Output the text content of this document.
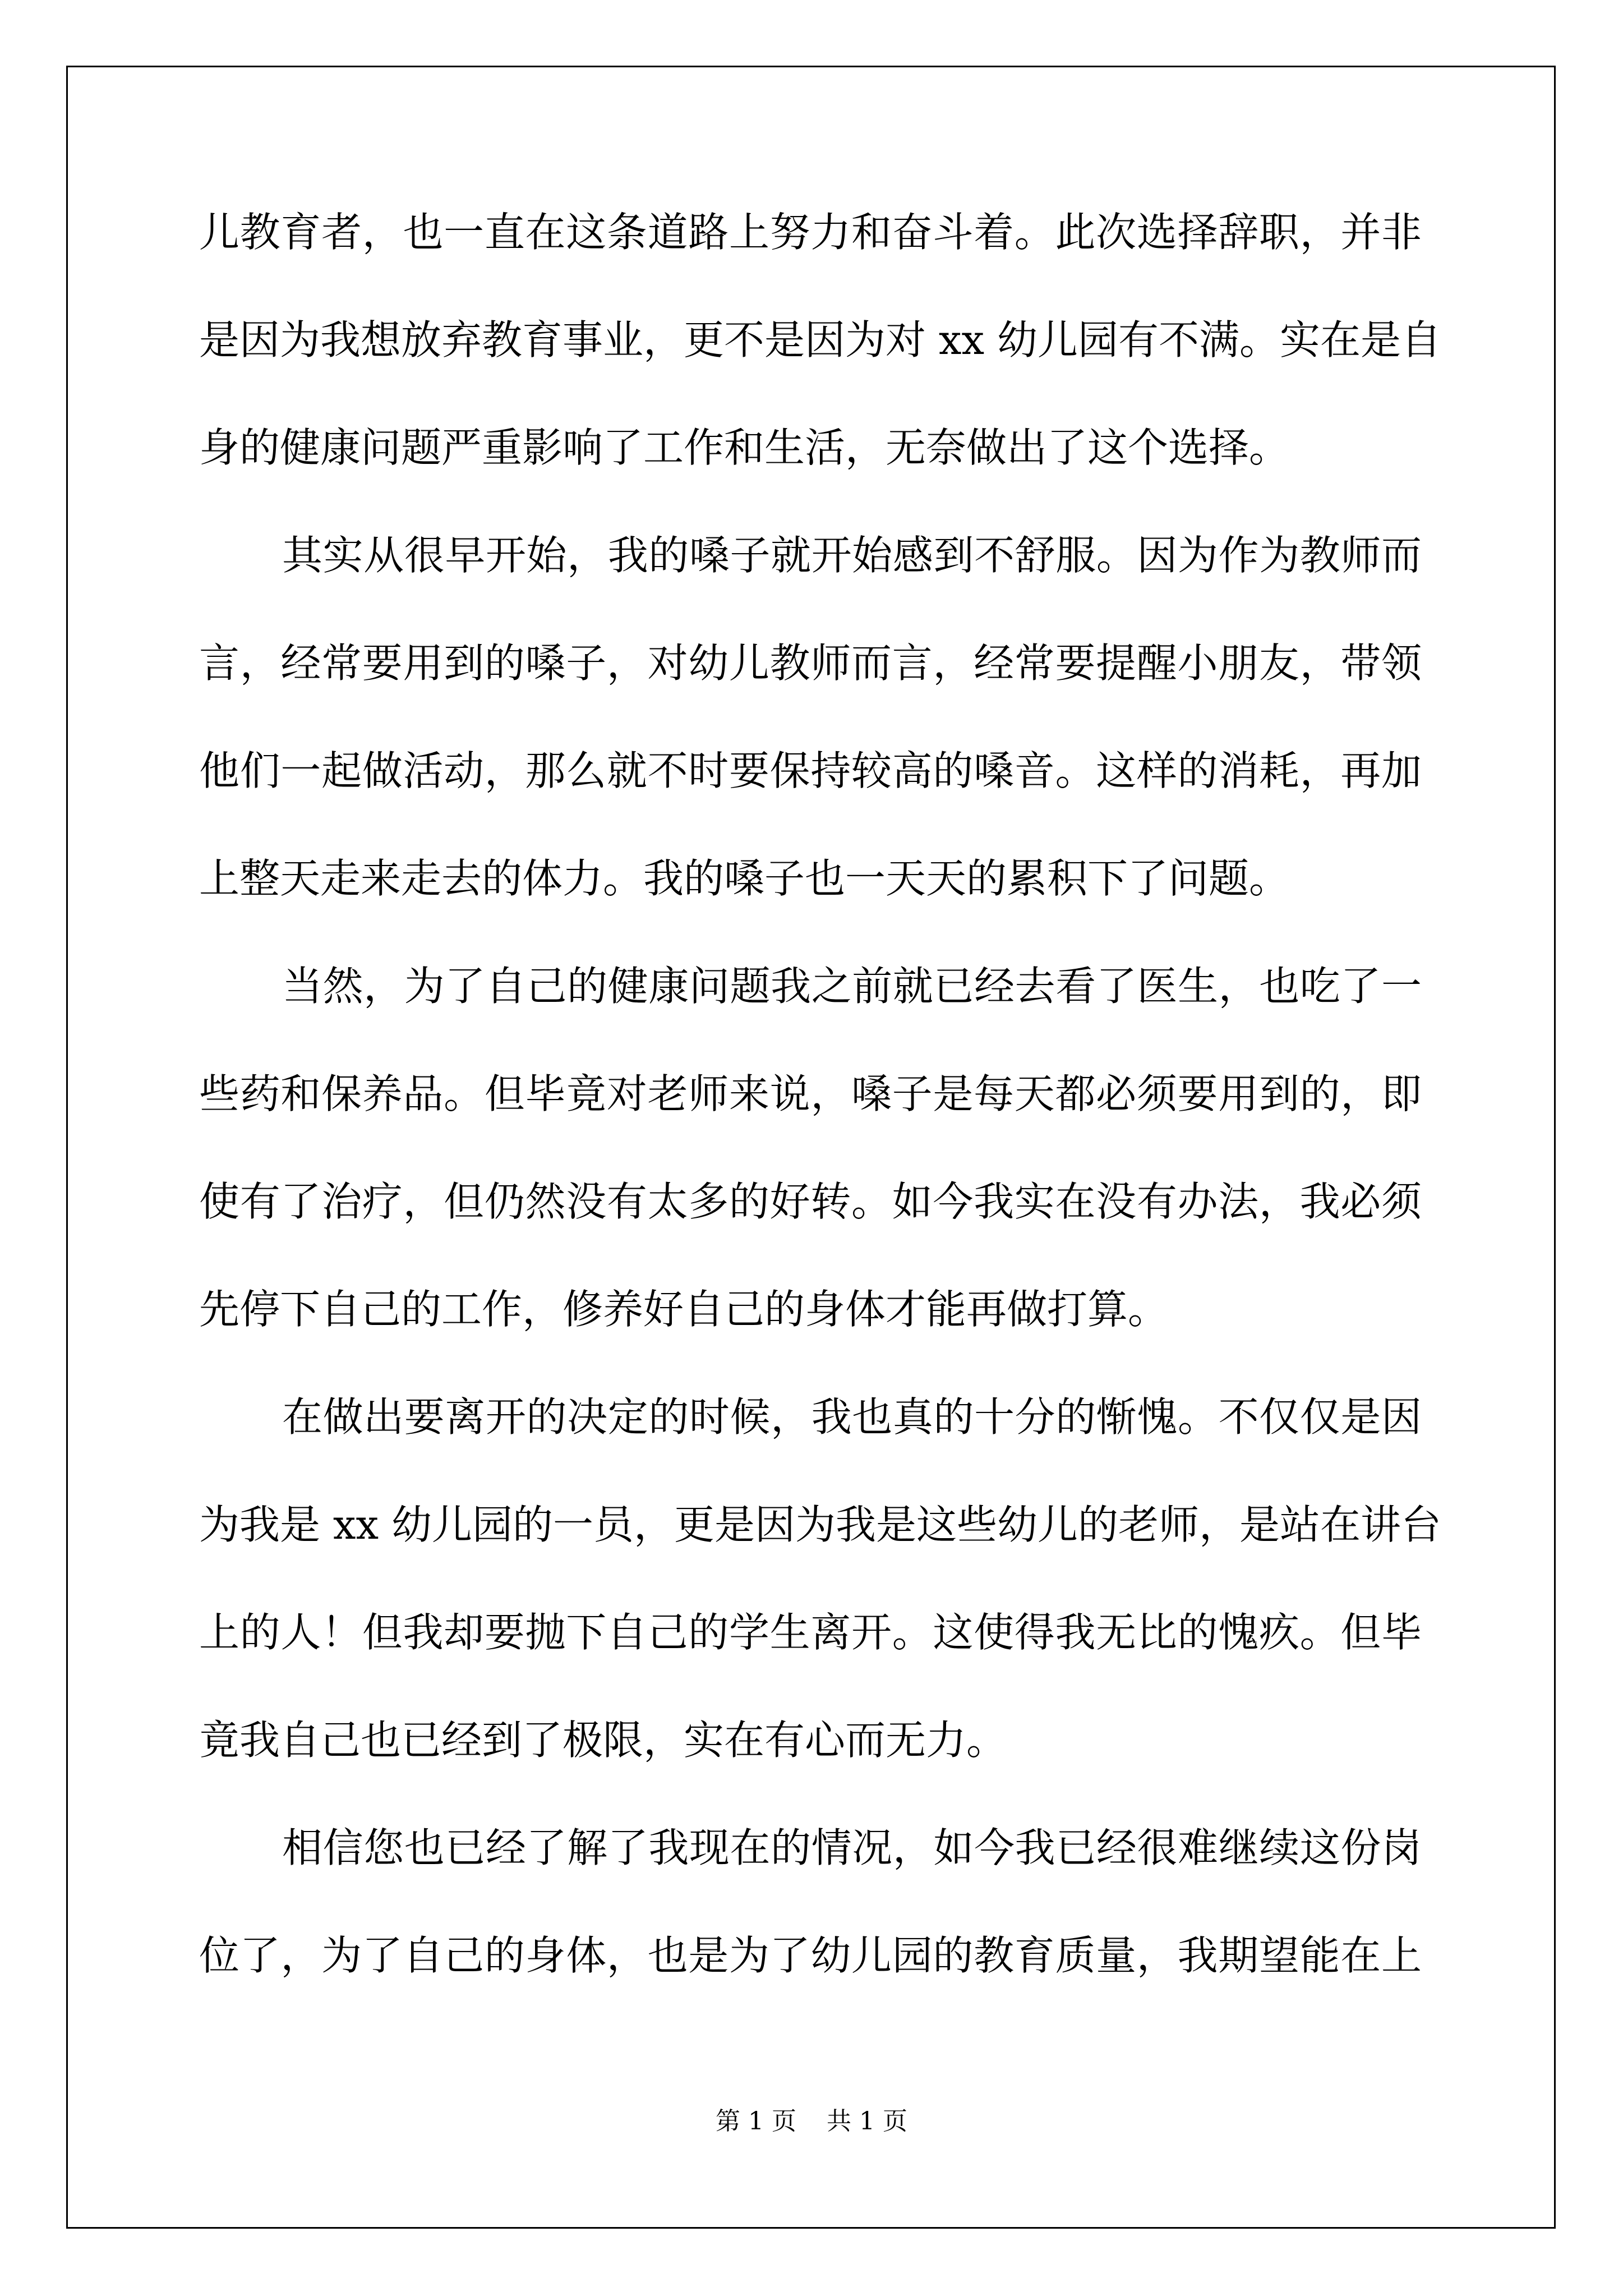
儿教育者，也一直在这条道路上努力和奋斗着。此次选择辞职，并非
是因为我想放弃教育事业，更不是因为对 xx 幼儿园有不满。实在是自
身的健康问题严重影响了工作和生活，无奈做出了这个选择。
其实从很早开始，我的嗓子就开始感到不舒服。因为作为教师而
言，经常要用到的嗓子，对幼儿教师而言，经常要提醒小朋友，带领
他们一起做活动，那么就不时要保持较高的嗓音。这样的消耗，再加
上整天走来走去的体力。我的嗓子也一天天的累积下了问题。
当然，为了自己的健康问题我之前就已经去看了医生，也吃了一
些药和保养品。但毕竟对老师来说，嗓子是每天都必须要用到的，即
使有了治疗，但仍然没有太多的好转。如今我实在没有办法，我必须
先停下自己的工作，修养好自己的身体才能再做打算。
在做出要离开的决定的时候，我也真的十分的惭愧。不仅仅是因
为我是 xx 幼儿园的一员，更是因为我是这些幼儿的老师，是站在讲台
上的人！但我却要抛下自己的学生离开。这使得我无比的愧疚。但毕
竟我自己也已经到了极限，实在有心而无力。
相信您也已经了解了我现在的情况，如今我已经很难继续这份岗
位了，为了自己的身体，也是为了幼儿园的教育质量，我期望能在上
第 1 页 共 1 页
